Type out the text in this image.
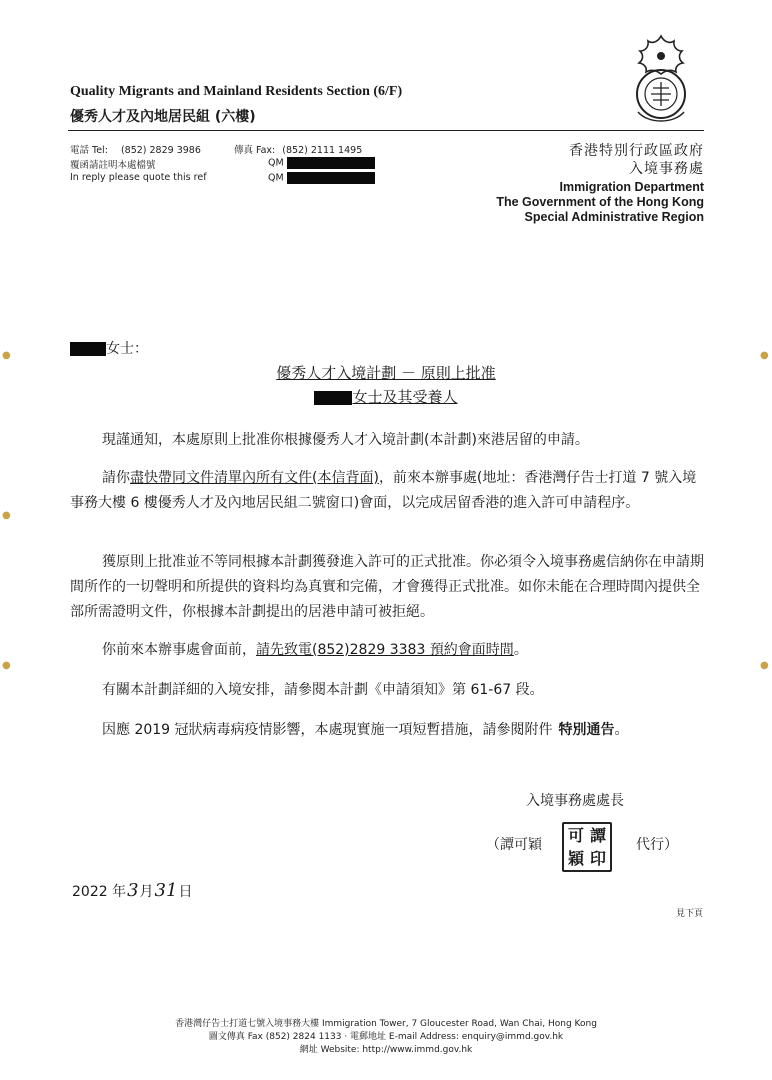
Quality Migrants and Mainland Residents Section (6/F)
優秀人才及內地居民組 (六樓)
電話 Tel: (852) 2829 3986	傳真 Fax: (852) 2111 1495
覆函請註明本處檔號
In reply please quote this ref
QM
QM
香港特別行政區政府
入境事務處
Immigration Department
The Government of the Hong Kong
Special Administrative Region
女士：
優秀人才入境計劃 － 原則上批准
女士及其受養人
現謹通知，本處原則上批准你根據優秀人才入境計劃(本計劃)來港居留的申請。
請你盡快帶同文件清單內所有文件(本信背面)，前來本辦事處(地址：香港灣仔告士打道 7 號入境事務大樓 6 樓優秀人才及內地居民組二號窗口)會面，以完成居留香港的進入許可申請程序。
獲原則上批准並不等同根據本計劃獲發進入許可的正式批准。你必須令入境事務處信納你在申請期間所作的一切聲明和所提供的資料均為真實和完備，才會獲得正式批准。如你未能在合理時間內提供全部所需證明文件，你根據本計劃提出的居港申請可被拒絕。
你前來本辦事處會面前，請先致電(852)2829 3383 預約會面時間。
有關本計劃詳細的入境安排，請參閱本計劃《申請須知》第 61-67 段。
因應 2019 冠狀病毒病疫情影響，本處現實施一項短暫措施，請參閱附件 特別通告。
入境事務處處長
（譚可穎
可 譚
穎 印
代行）
2022 年3月31日
見下頁
香港灣仔告士打道七號入境事務大樓 Immigration Tower, 7 Gloucester Road, Wan Chai, Hong Kong
圖文傳真 Fax (852) 2824 1133 · 電郵地址 E-mail Address: enquiry@immd.gov.hk
網址 Website: http://www.immd.gov.hk
●
●
●
●
●
